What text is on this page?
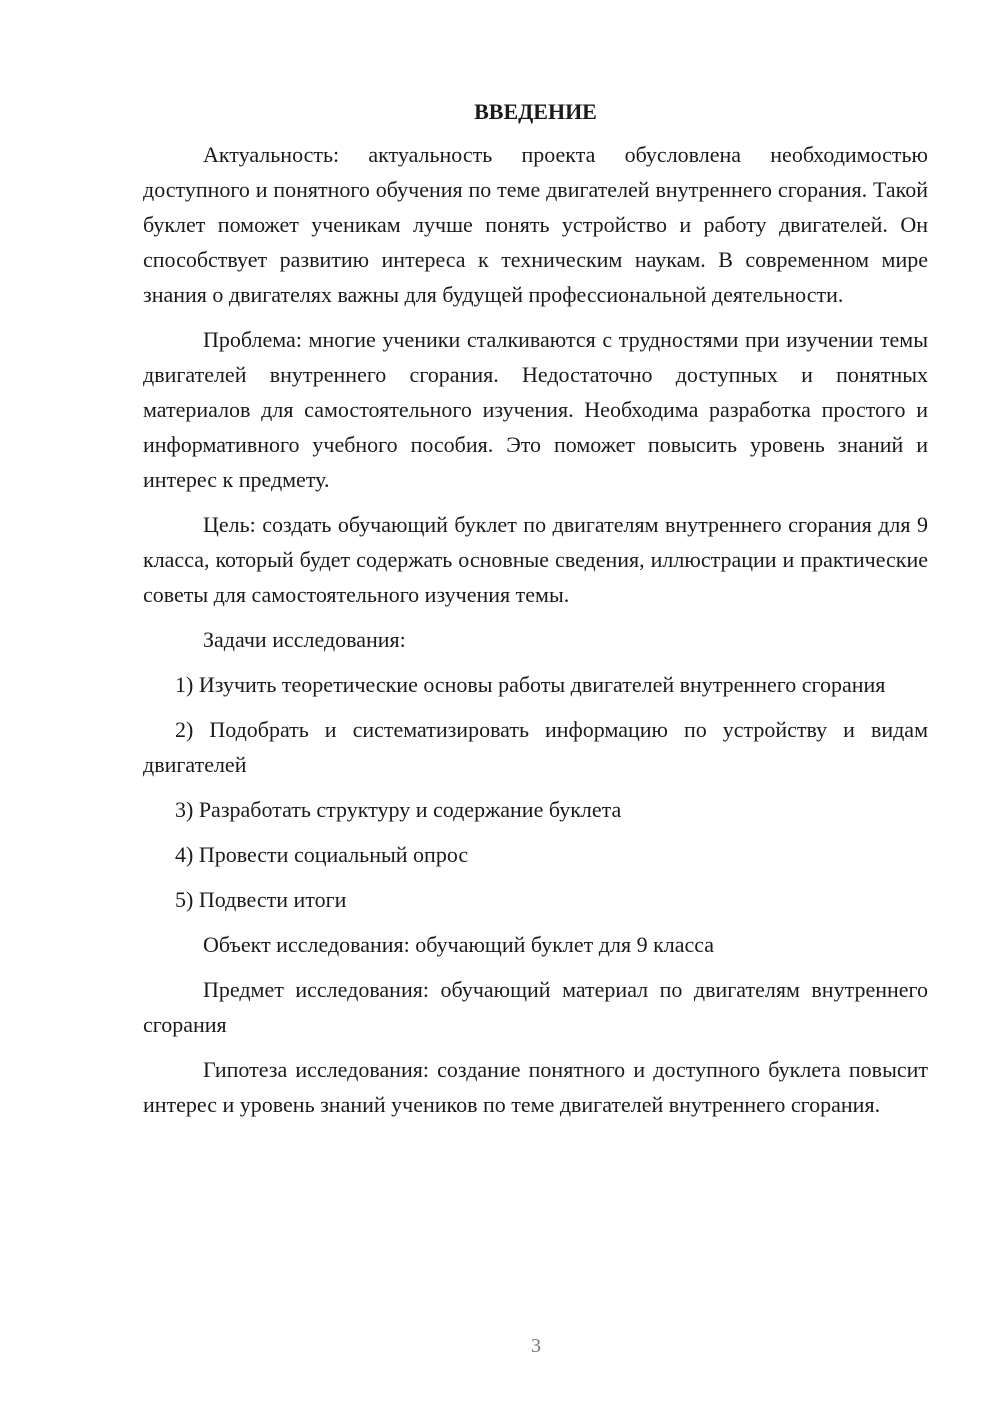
ВВЕДЕНИЕ

Актуальность: актуальность проекта обусловлена необходимостью доступного и понятного обучения по теме двигателей внутреннего сгорания. Такой буклет поможет ученикам лучше понять устройство и работу двигателей. Он способствует развитию интереса к техническим наукам. В современном мире знания о двигателях важны для будущей профессиональной деятельности.

Проблема: многие ученики сталкиваются с трудностями при изучении темы двигателей внутреннего сгорания. Недостаточно доступных и понятных материалов для самостоятельного изучения. Необходима разработка простого и информативного учебного пособия. Это поможет повысить уровень знаний и интерес к предмету.

Цель: создать обучающий буклет по двигателям внутреннего сгорания для 9 класса, который будет содержать основные сведения, иллюстрации и практические советы для самостоятельного изучения темы.

Задачи исследования:

1) Изучить теоретические основы работы двигателей внутреннего сгорания

2) Подобрать и систематизировать информацию по устройству и видам двигателей

3) Разработать структуру и содержание буклета

4) Провести социальный опрос

5) Подвести итоги

Объект исследования: обучающий буклет для 9 класса

Предмет исследования: обучающий материал по двигателям внутреннего сгорания

Гипотеза исследования: создание понятного и доступного буклета повысит интерес и уровень знаний учеников по теме двигателей внутреннего сгорания.

3
